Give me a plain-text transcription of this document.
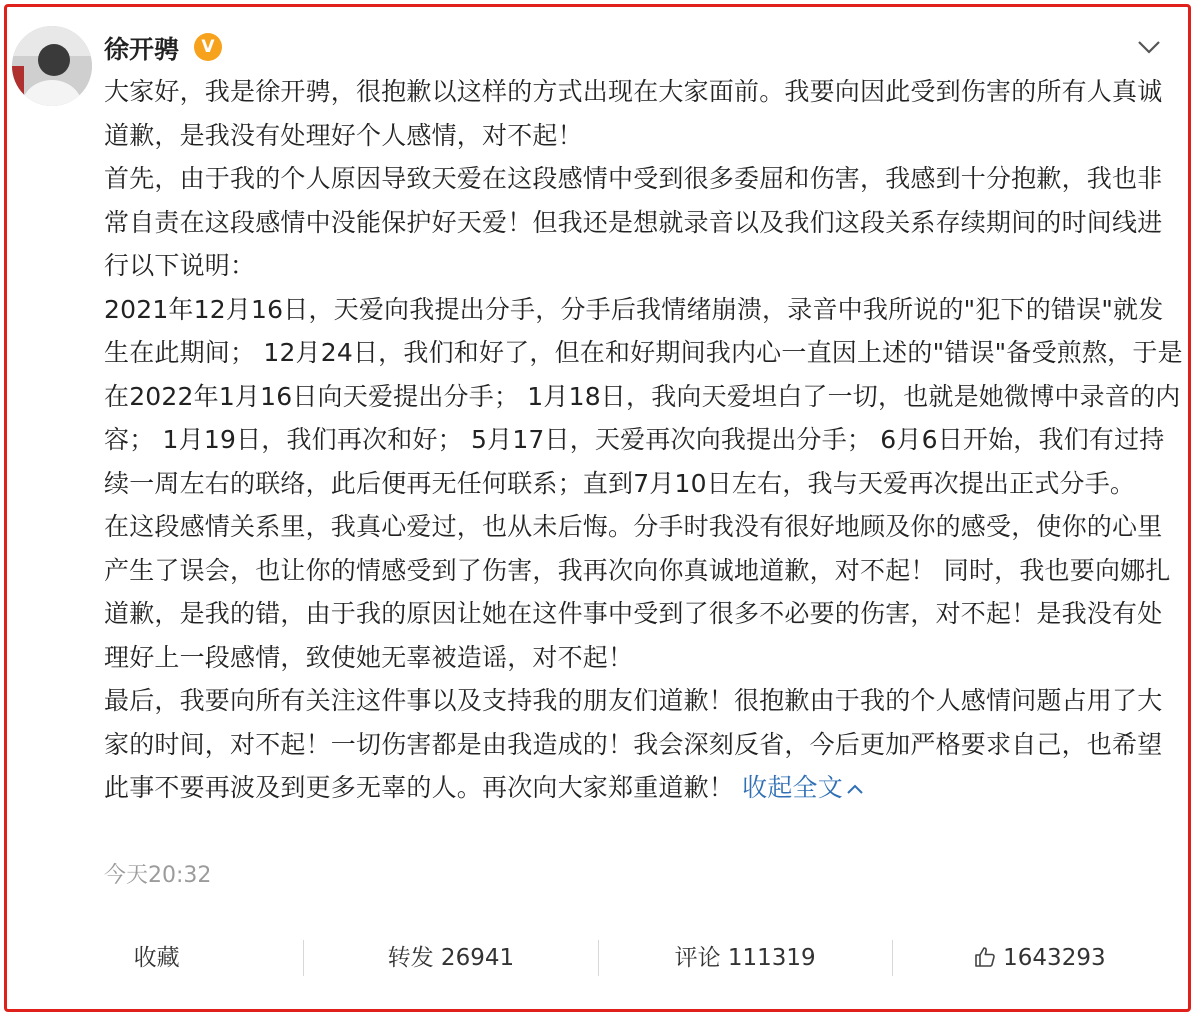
徐开骋	V

大家好，我是徐开骋，很抱歉以这样的方式出现在大家面前。我要向因此受到伤害的所有人真诚道歉，是我没有处理好个人感情，对不起！

首先，由于我的个人原因导致天爱在这段感情中受到很多委屈和伤害，我感到十分抱歉，我也非常自责在这段感情中没能保护好天爱！但我还是想就录音以及我们这段关系存续期间的时间线进行以下说明：

2021年12月16日，天爱向我提出分手，分手后我情绪崩溃，录音中我所说的"犯下的错误"就发生在此期间； 12月24日，我们和好了，但在和好期间我内心一直因上述的"错误"备受煎熬，于是在2022年1月16日向天爱提出分手； 1月18日，我向天爱坦白了一切，也就是她微博中录音的内容； 1月19日，我们再次和好； 5月17日，天爱再次向我提出分手； 6月6日开始，我们有过持续一周左右的联络，此后便再无任何联系；直到7月10日左右，我与天爱再次提出正式分手。

在这段感情关系里，我真心爱过，也从未后悔。分手时我没有很好地顾及你的感受，使你的心里产生了误会，也让你的情感受到了伤害，我再次向你真诚地道歉，对不起！ 同时，我也要向娜扎道歉，是我的错，由于我的原因让她在这件事中受到了很多不必要的伤害，对不起！是我没有处理好上一段感情，致使她无辜被造谣，对不起！

最后，我要向所有关注这件事以及支持我的朋友们道歉！很抱歉由于我的个人感情问题占用了大家的时间，对不起！一切伤害都是由我造成的！我会深刻反省，今后更加严格要求自己，也希望此事不要再波及到更多无辜的人。再次向大家郑重道歉！ 收起全文

今天20:32
收藏	转发 26941	评论 111319	1643293
